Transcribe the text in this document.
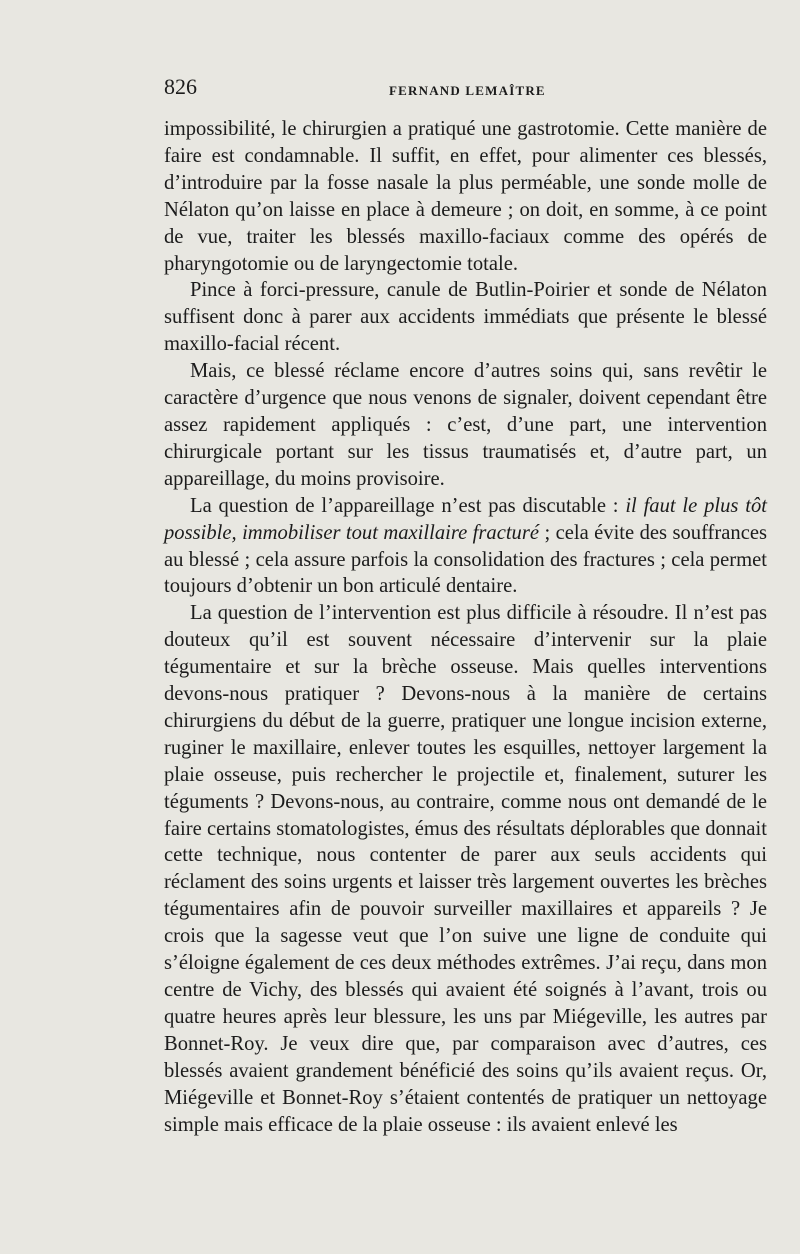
826	FERNAND LEMAÎTRE

impossibilité, le chirurgien a pratiqué une gastrotomie. Cette manière de faire est condamnable. Il suffit, en effet, pour alimenter ces blessés, d’introduire par la fosse nasale la plus perméable, une sonde molle de Nélaton qu’on laisse en place à demeure ; on doit, en somme, à ce point de vue, traiter les blessés maxillo-faciaux comme des opérés de pharyngotomie ou de laryngectomie totale.

Pince à forci-pressure, canule de Butlin-Poirier et sonde de Nélaton suffisent donc à parer aux accidents immédiats que présente le blessé maxillo-facial récent.

Mais, ce blessé réclame encore d’autres soins qui, sans revêtir le caractère d’urgence que nous venons de signaler, doivent cependant être assez rapidement appliqués : c’est, d’une part, une intervention chirurgicale portant sur les tissus traumatisés et, d’autre part, un appareillage, du moins provisoire.

La question de l’appareillage n’est pas discutable : il faut le plus tôt possible, immobiliser tout maxillaire fracturé ; cela évite des souffrances au blessé ; cela assure parfois la consolidation des fractures ; cela permet toujours d’obtenir un bon articulé dentaire.

La question de l’intervention est plus difficile à résoudre. Il n’est pas douteux qu’il est souvent nécessaire d’intervenir sur la plaie tégumentaire et sur la brèche osseuse. Mais quelles interventions devons-nous pratiquer ? Devons-nous à la manière de certains chirurgiens du début de la guerre, pratiquer une longue incision externe, ruginer le maxillaire, enlever toutes les esquilles, nettoyer largement la plaie osseuse, puis rechercher le projectile et, finalement, suturer les téguments ? Devons-nous, au contraire, comme nous ont demandé de le faire certains stomatologistes, émus des résultats déplorables que donnait cette technique, nous contenter de parer aux seuls accidents qui réclament des soins urgents et laisser très largement ouvertes les brèches tégumentaires afin de pouvoir surveiller maxillaires et appareils ? Je crois que la sagesse veut que l’on suive une ligne de conduite qui s’éloigne également de ces deux méthodes extrêmes. J’ai reçu, dans mon centre de Vichy, des blessés qui avaient été soignés à l’avant, trois ou quatre heures après leur blessure, les uns par Miégeville, les autres par Bonnet-Roy. Je veux dire que, par comparaison avec d’autres, ces blessés avaient grandement bénéficié des soins qu’ils avaient reçus. Or, Miégeville et Bonnet-Roy s’étaient contentés de pratiquer un nettoyage simple mais efficace de la plaie osseuse : ils avaient enlevé les
